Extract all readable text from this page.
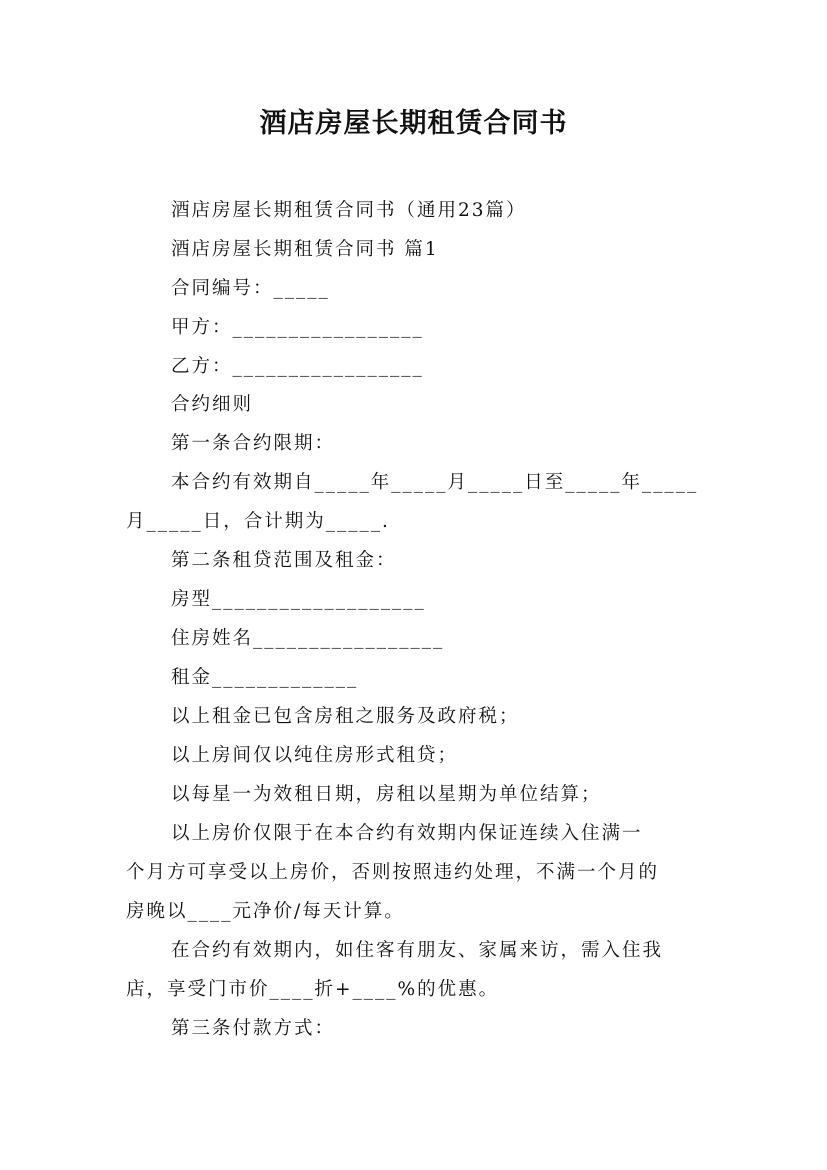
酒店房屋长期租赁合同书
酒店房屋长期租赁合同书（通用23篇）
酒店房屋长期租赁合同书 篇1
合同编号：_____
甲方：_________________
乙方：_________________
合约细则
第一条合约限期：
本合约有效期自_____年_____月_____日至_____年_____
月_____日，合计期为_____.
第二条租贷范围及租金：
房型___________________
住房姓名_________________
租金_____________
以上租金已包含房租之服务及政府税；
以上房间仅以纯住房形式租贷；
以每星一为效租日期，房租以星期为单位结算；
以上房价仅限于在本合约有效期内保证连续入住满一
个月方可享受以上房价，否则按照违约处理，不满一个月的
房晚以____元净价/每天计算。
在合约有效期内，如住客有朋友、家属来访，需入住我
店，享受门市价____折+____%的优惠。
第三条付款方式：
